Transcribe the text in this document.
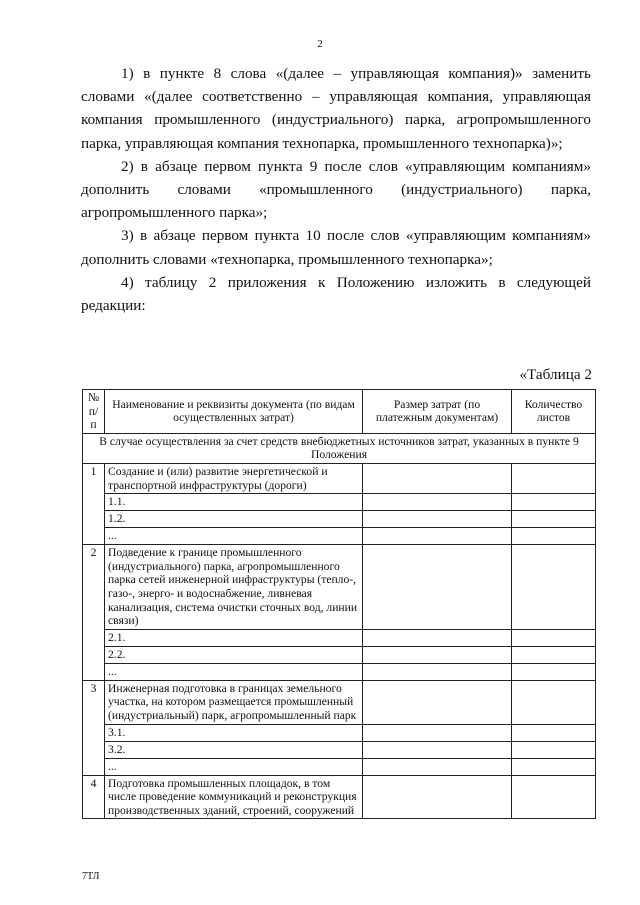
2

1) в пункте 8 слова «(далее – управляющая компания)» заменить словами «(далее соответственно – управляющая компания, управляющая компания промышленного (индустриального) парка, агропромышленного парка, управляющая компания технопарка, промышленного технопарка)»;

2) в абзаце первом пункта 9 после слов «управляющим компаниям» дополнить словами «промышленного (индустриального) парка, агропромышленного парка»;

3) в абзаце первом пункта 10 после слов «управляющим компаниям» дополнить словами «технопарка, промышленного технопарка»;

4) таблицу 2 приложения к Положению изложить в следующей редакции:

«Таблица 2
№ п/п	Наименование и реквизиты документа (по видам осуществленных затрат)	Размер затрат (по платежным документам)	Количество листов
В случае осуществления за счет средств внебюджетных источников затрат, указанных в пункте 9 Положения			
1	Создание и (или) развитие энергетической и транспортной инфраструктуры (дороги)		
	1.1.		
	1.2.		
	...		
2	Подведение к границе промышленного (индустриального) парка, агропромышленного парка сетей инженерной инфраструктуры (тепло-, газо-, энерго- и водоснабжение, ливневая канализация, система очистки сточных вод, линии связи)		
	2.1.		
	2.2.		
	...		
3	Инженерная подготовка в границах земельного участка, на котором размещается промышленный (индустриальный) парк, агропромышленный парк		
	3.1.		
	3.2.		
	...		
4	Подготовка промышленных площадок, в том числе проведение коммуникаций и реконструкция производственных зданий, строений, сооружений		
7ТЛ
